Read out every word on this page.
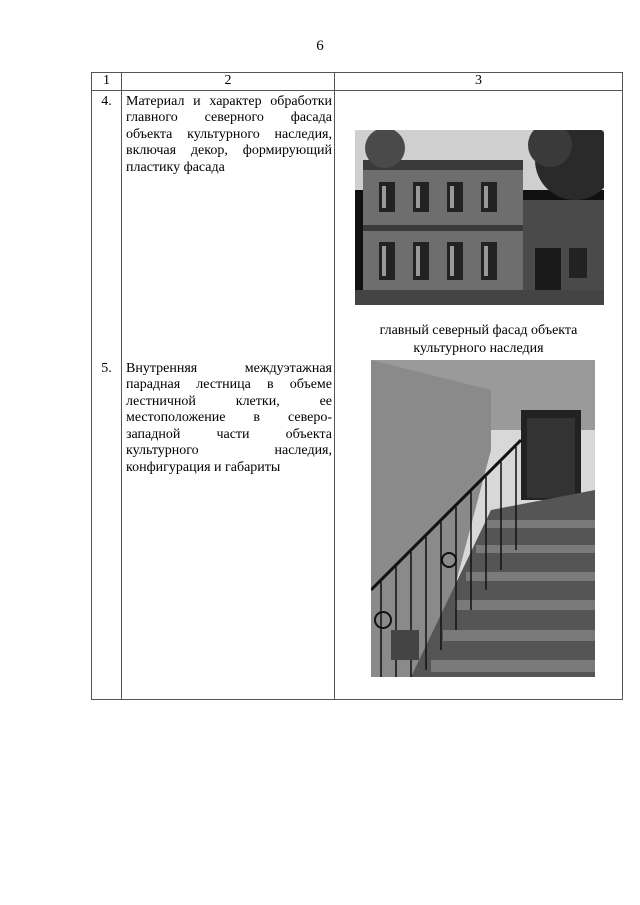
6
1	2	3
4.	Материал и характер обработки главного северного фасада объекта культурного наследия, включая декор, формирующий пластику фасада	главный северный фасад объекта
культурного наследия

5.	Внутренняя междуэтажная парадная лестница в объеме лестничной клетки, ее местоположение в северо-западной части объекта культурного наследия, конфигурация и габариты	
